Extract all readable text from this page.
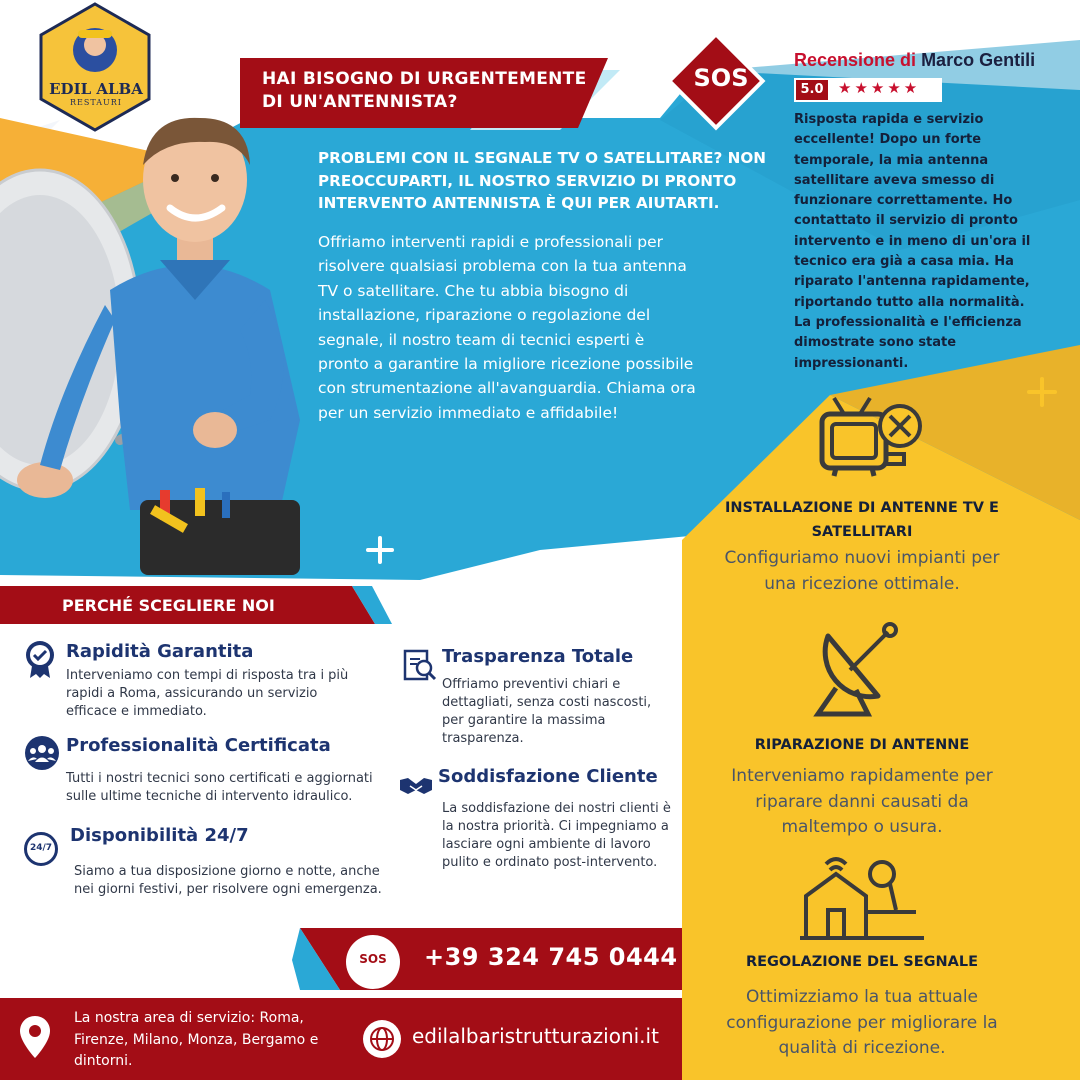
EDIL ALBA
RESTAURI
HAI BISOGNO DI URGENTEMENTE
DI UN'ANTENNISTA?
SOS
Recensione di Marco Gentili
5.0 ★★★★★
Risposta rapida e servizio eccellente! Dopo un forte temporale, la mia antenna satellitare aveva smesso di funzionare correttamente. Ho contattato il servizio di pronto intervento e in meno di un'ora il tecnico era già a casa mia. Ha riparato l'antenna rapidamente, riportando tutto alla normalità. La professionalità e l'efficienza dimostrate sono state impressionanti.
PROBLEMI CON IL SEGNALE TV O SATELLITARE? NON PREOCCUPARTI, IL NOSTRO SERVIZIO DI PRONTO INTERVENTO ANTENNISTA È QUI PER AIUTARTI.
Offriamo interventi rapidi e professionali per risolvere qualsiasi problema con la tua antenna TV o satellitare. Che tu abbia bisogno di installazione, riparazione o regolazione del segnale, il nostro team di tecnici esperti è pronto a garantire la migliore ricezione possibile con strumentazione all'avanguardia. Chiama ora per un servizio immediato e affidabile!
INSTALLAZIONE DI ANTENNE TV E SATELLITARI
Configuriamo nuovi impianti per una ricezione ottimale.
RIPARAZIONE DI ANTENNE
Interveniamo rapidamente per riparare danni causati da maltempo o usura.
REGOLAZIONE DEL SEGNALE
Ottimizziamo la tua attuale configurazione per migliorare la qualità di ricezione.
PERCHÉ SCEGLIERE NOI
Rapidità Garantita
Interveniamo con tempi di risposta tra i più rapidi a Roma, assicurando un servizio efficace e immediato.
Professionalità Certificata
Tutti i nostri tecnici sono certificati e aggiornati sulle ultime tecniche di intervento idraulico.
24/7
Disponibilità 24/7
Siamo a tua disposizione giorno e notte, anche nei giorni festivi, per risolvere ogni emergenza.
Trasparenza Totale
Offriamo preventivi chiari e dettagliati, senza costi nascosti, per garantire la massima trasparenza.
Soddisfazione Cliente
La soddisfazione dei nostri clienti è la nostra priorità. Ci impegniamo a lasciare ogni ambiente di lavoro pulito e ordinato post-intervento.
SOS	+39 324 745 0444
La nostra area di servizio: Roma, Firenze, Milano, Monza, Bergamo e dintorni.
edilalbaristrutturazioni.it
